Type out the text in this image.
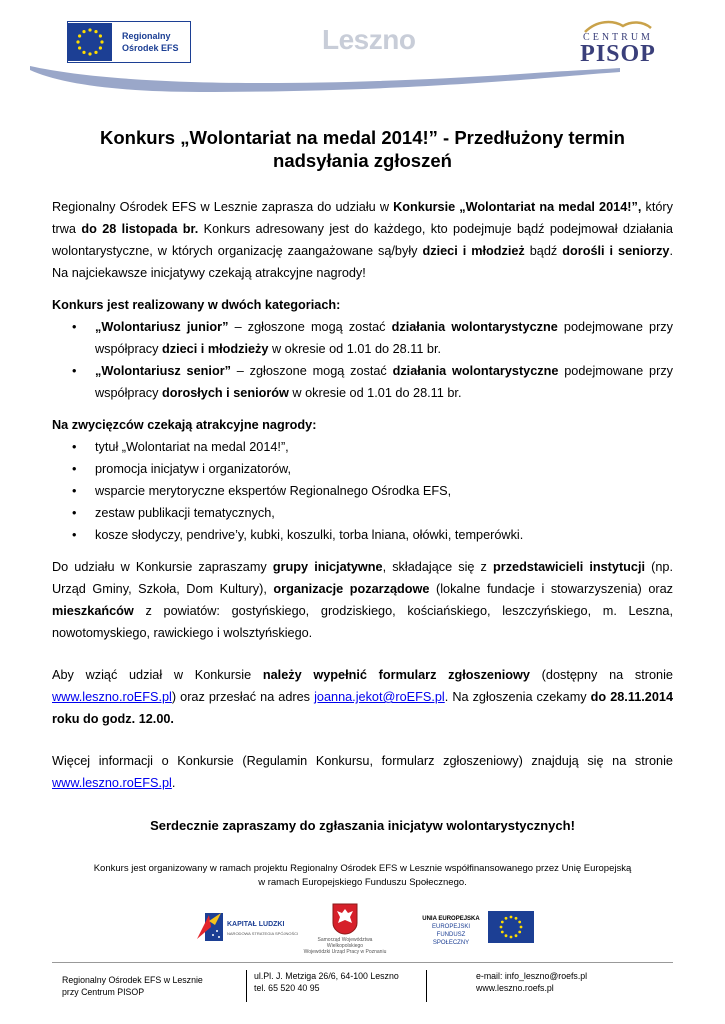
Regionalny
Ośrodek EFS	Leszno	CENTRUM
PISOP
Konkurs „Wolontariat na medal 2014!” - Przedłużony termin nadsyłania zgłoszeń

Regionalny Ośrodek EFS w Lesznie zaprasza do udziału w Konkursie „Wolontariat na medal 2014!”, który trwa do 28 listopada br. Konkurs adresowany jest do każdego, kto podejmuje bądź podejmował działania wolontarystyczne, w których organizację zaangażowane są/były dzieci i młodzież bądź dorośli i seniorzy. Na najciekawsze inicjatywy czekają atrakcyjne nagrody!

Konkurs jest realizowany w dwóch kategoriach:

• „Wolontariusz junior” – zgłoszone mogą zostać działania wolontarystyczne podejmowane przy współpracy dzieci i młodzieży w okresie od 1.01 do 28.11 br.
• „Wolontariusz senior” – zgłoszone mogą zostać działania wolontarystyczne podejmowane przy współpracy dorosłych i seniorów w okresie od 1.01 do 28.11 br.

Na zwycięzców czekają atrakcyjne nagrody:

• tytuł „Wolontariat na medal 2014!”,
• promocja inicjatyw i organizatorów,
• wsparcie merytoryczne ekspertów Regionalnego Ośrodka EFS,
• zestaw publikacji tematycznych,
• kosze słodyczy, pendrive’y, kubki, koszulki, torba lniana, ołówki, temperówki.

Do udziału w Konkursie zapraszamy grupy inicjatywne, składające się z przedstawicieli instytucji (np. Urząd Gminy, Szkoła, Dom Kultury), organizacje pozarządowe (lokalne fundacje i stowarzyszenia) oraz mieszkańców z powiatów: gostyńskiego, grodziskiego, kościańskiego, leszczyńskiego, m. Leszna, nowotomyskiego, rawickiego i wolsztyńskiego.

Aby wziąć udział w Konkursie należy wypełnić formularz zgłoszeniowy (dostępny na stronie www.leszno.roEFS.pl) oraz przesłać na adres joanna.jekot@roEFS.pl. Na zgłoszenia czekamy do 28.11.2014 roku do godz. 12.00.

Więcej informacji o Konkursie (Regulamin Konkursu, formularz zgłoszeniowy) znajdują się na stronie www.leszno.roEFS.pl.

Serdecznie zapraszamy do zgłaszania inicjatyw wolontarystycznych!
Konkurs jest organizowany w ramach projektu Regionalny Ośrodek EFS w Lesznie współfinansowanego przez Unię Europejską
w ramach Europejskiego Funduszu Społecznego.
KAPITAŁ LUDZKI
NARODOWA STRATEGIA SPÓJNOŚCI
Samorząd Województwa Wielkopolskiego
Wojewódzki Urząd Pracy w Poznaniu
UNIA EUROPEJSKA
EUROPEJSKI
FUNDUSZ SPOŁECZNY
Regionalny Ośrodek EFS w Lesznie
przy Centrum PISOP
ul.Pl. J. Metziga 26/6, 64-100 Leszno
tel. 65 520 40 95
e-mail: info_leszno@roefs.pl
www.leszno.roefs.pl
